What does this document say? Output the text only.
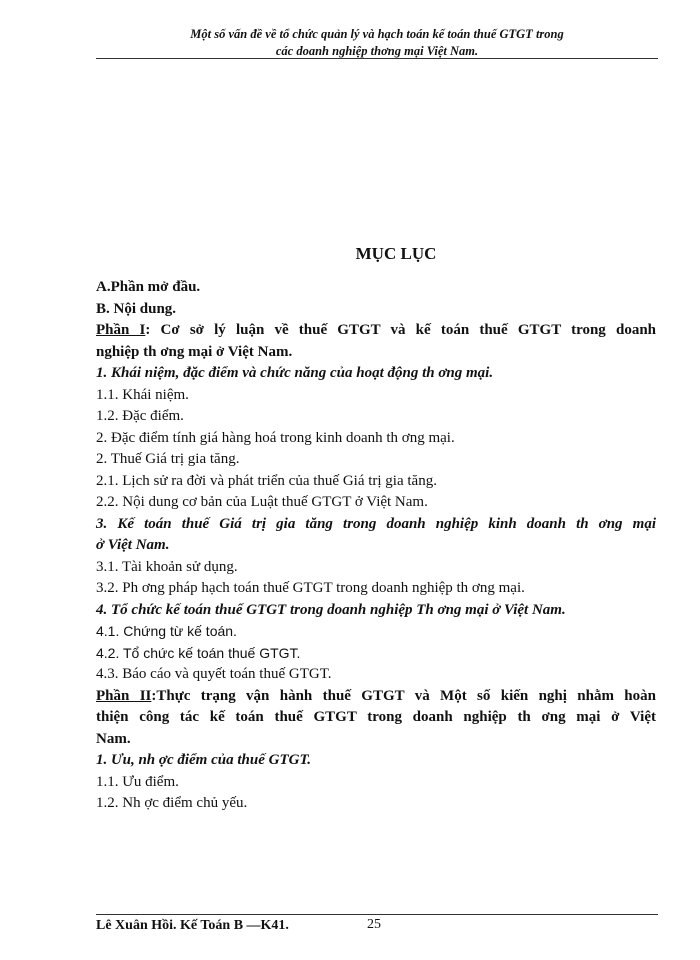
Một số vấn đề về tổ chức quản lý và hạch toán kế toán thuế GTGT trong
các doanh nghiệp thơng mại Việt Nam.
MỤC LỤC
A.Phần mở đầu.
B. Nội dung.
Phần I: Cơ sở lý luận về thuế GTGT và kế toán thuế GTGT trong doanh
nghiệp th ơng mại ở Việt Nam.
1. Khái niệm, đặc điểm và chức năng của hoạt động th ơng mại.
1.1. Khái niệm.
1.2. Đặc điểm.
2. Đặc điểm tính giá hàng hoá trong kinh doanh th ơng mại.
2. Thuế Giá trị gia tăng.
2.1. Lịch sử ra đời và phát triển của thuế Giá trị gia tăng.
2.2. Nội dung cơ bản của Luật thuế GTGT ở Việt Nam.
3. Kế toán thuế Giá trị gia tăng trong doanh nghiệp kinh doanh th ơng mại
ở Việt Nam.
3.1. Tài khoản sử dụng.
3.2. Ph ơng pháp hạch toán thuế GTGT trong doanh nghiệp th ơng mại.
4. Tổ chức kế toán thuế GTGT trong doanh nghiệp Th ơng mại ở Việt Nam.
4.1. Chứng từ kế toán.
4.2. Tổ chức kế toán thuế GTGT.
4.3. Báo cáo và quyết toán thuế GTGT.
Phần II:Thực trạng vận hành thuế GTGT và Một số kiến nghị nhằm hoàn
thiện công tác kế toán thuế GTGT trong doanh nghiệp th ơng mại ở Việt
Nam.
1. Ưu, nh ợc điểm của thuế GTGT.
1.1. Ưu điểm.
1.2. Nh ợc điểm chủ yếu.
Lê Xuân Hồi. Kế Toán B —K41.	25
